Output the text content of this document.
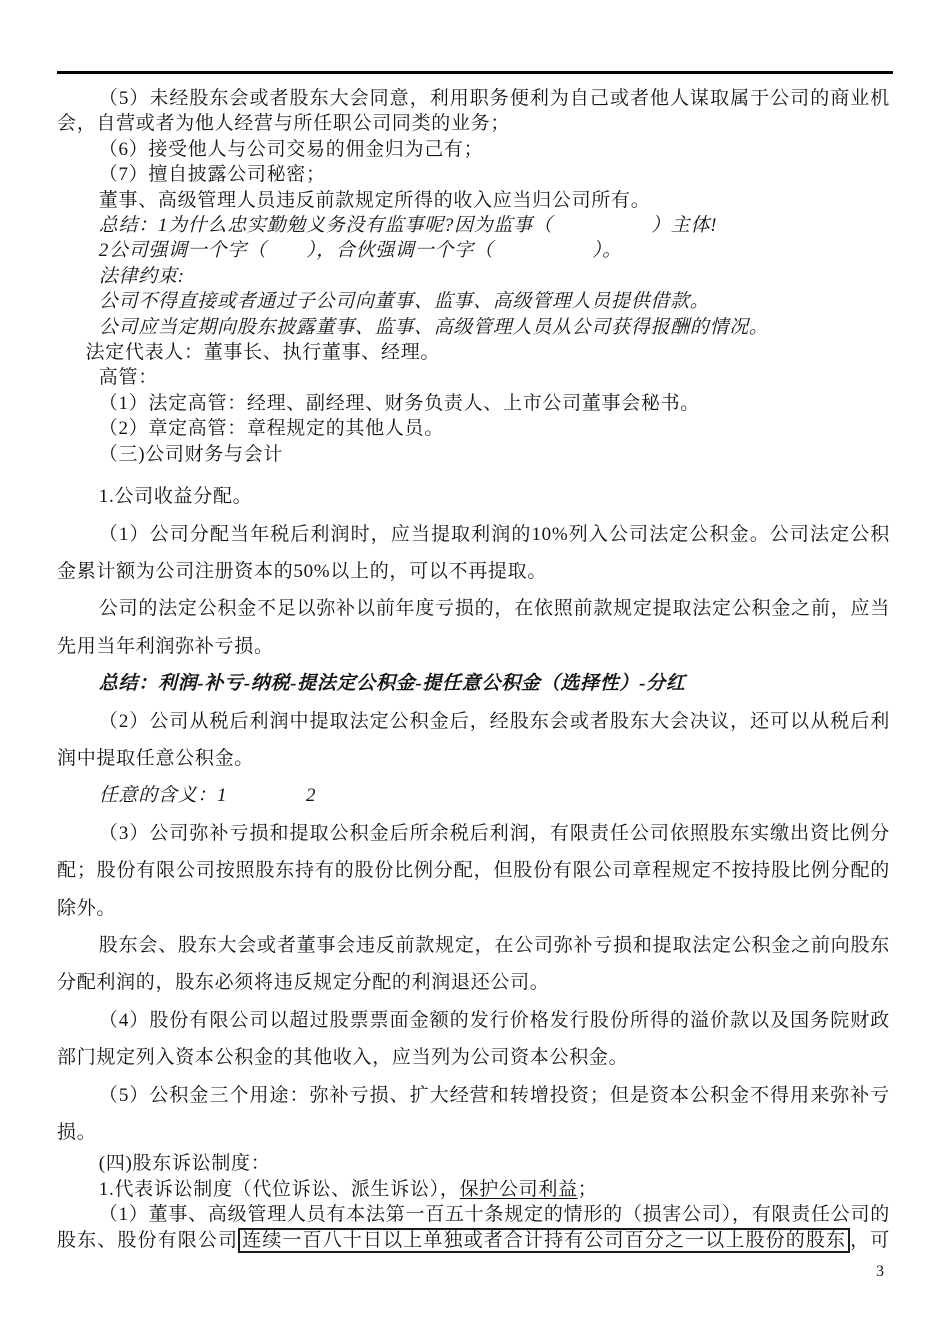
（5）未经股东会或者股东大会同意，利用职务便利为自己或者他人谋取属于公司的商业机会，自营或者为他人经营与所任职公司同类的业务；

（6）接受他人与公司交易的佣金归为己有；

（7）擅自披露公司秘密；

董事、高级管理人员违反前款规定所得的收入应当归公司所有。

总结：1为什么忠实勤勉义务没有监事呢?因为监事（　　　　　）主体!

2公司强调一个字（　　），合伙强调一个字（　　　　　）。

法律约束:

公司不得直接或者通过子公司向董事、监事、高级管理人员提供借款。

公司应当定期向股东披露董事、监事、高级管理人员从公司获得报酬的情况。

法定代表人：董事长、执行董事、经理。

高管：

（1）法定高管：经理、副经理、财务负责人、上市公司董事会秘书。

（2）章定高管：章程规定的其他人员。

（三)公司财务与会计

1.公司收益分配。

（1）公司分配当年税后利润时，应当提取利润的10%列入公司法定公积金。公司法定公积金累计额为公司注册资本的50%以上的，可以不再提取。

公司的法定公积金不足以弥补以前年度亏损的，在依照前款规定提取法定公积金之前，应当先用当年利润弥补亏损。

总结：利润-补亏-纳税-提法定公积金-提任意公积金（选择性）-分红

（2）公司从税后利润中提取法定公积金后，经股东会或者股东大会决议，还可以从税后利润中提取任意公积金。

任意的含义：1　　　　2

（3）公司弥补亏损和提取公积金后所余税后利润，有限责任公司依照股东实缴出资比例分配；股份有限公司按照股东持有的股份比例分配，但股份有限公司章程规定不按持股比例分配的除外。

股东会、股东大会或者董事会违反前款规定，在公司弥补亏损和提取法定公积金之前向股东分配利润的，股东必须将违反规定分配的利润退还公司。

（4）股份有限公司以超过股票票面金额的发行价格发行股份所得的溢价款以及国务院财政部门规定列入资本公积金的其他收入，应当列为公司资本公积金。

（5）公积金三个用途：弥补亏损、扩大经营和转增投资；但是资本公积金不得用来弥补亏损。

(四)股东诉讼制度：

1.代表诉讼制度（代位诉讼、派生诉讼），保护公司利益；

（1）董事、高级管理人员有本法第一百五十条规定的情形的（损害公司），有限责任公司的股东、股份有限公司 连续一百八十日以上单独或者合计持有公司百分之一以上股份的股东 ，可

3
